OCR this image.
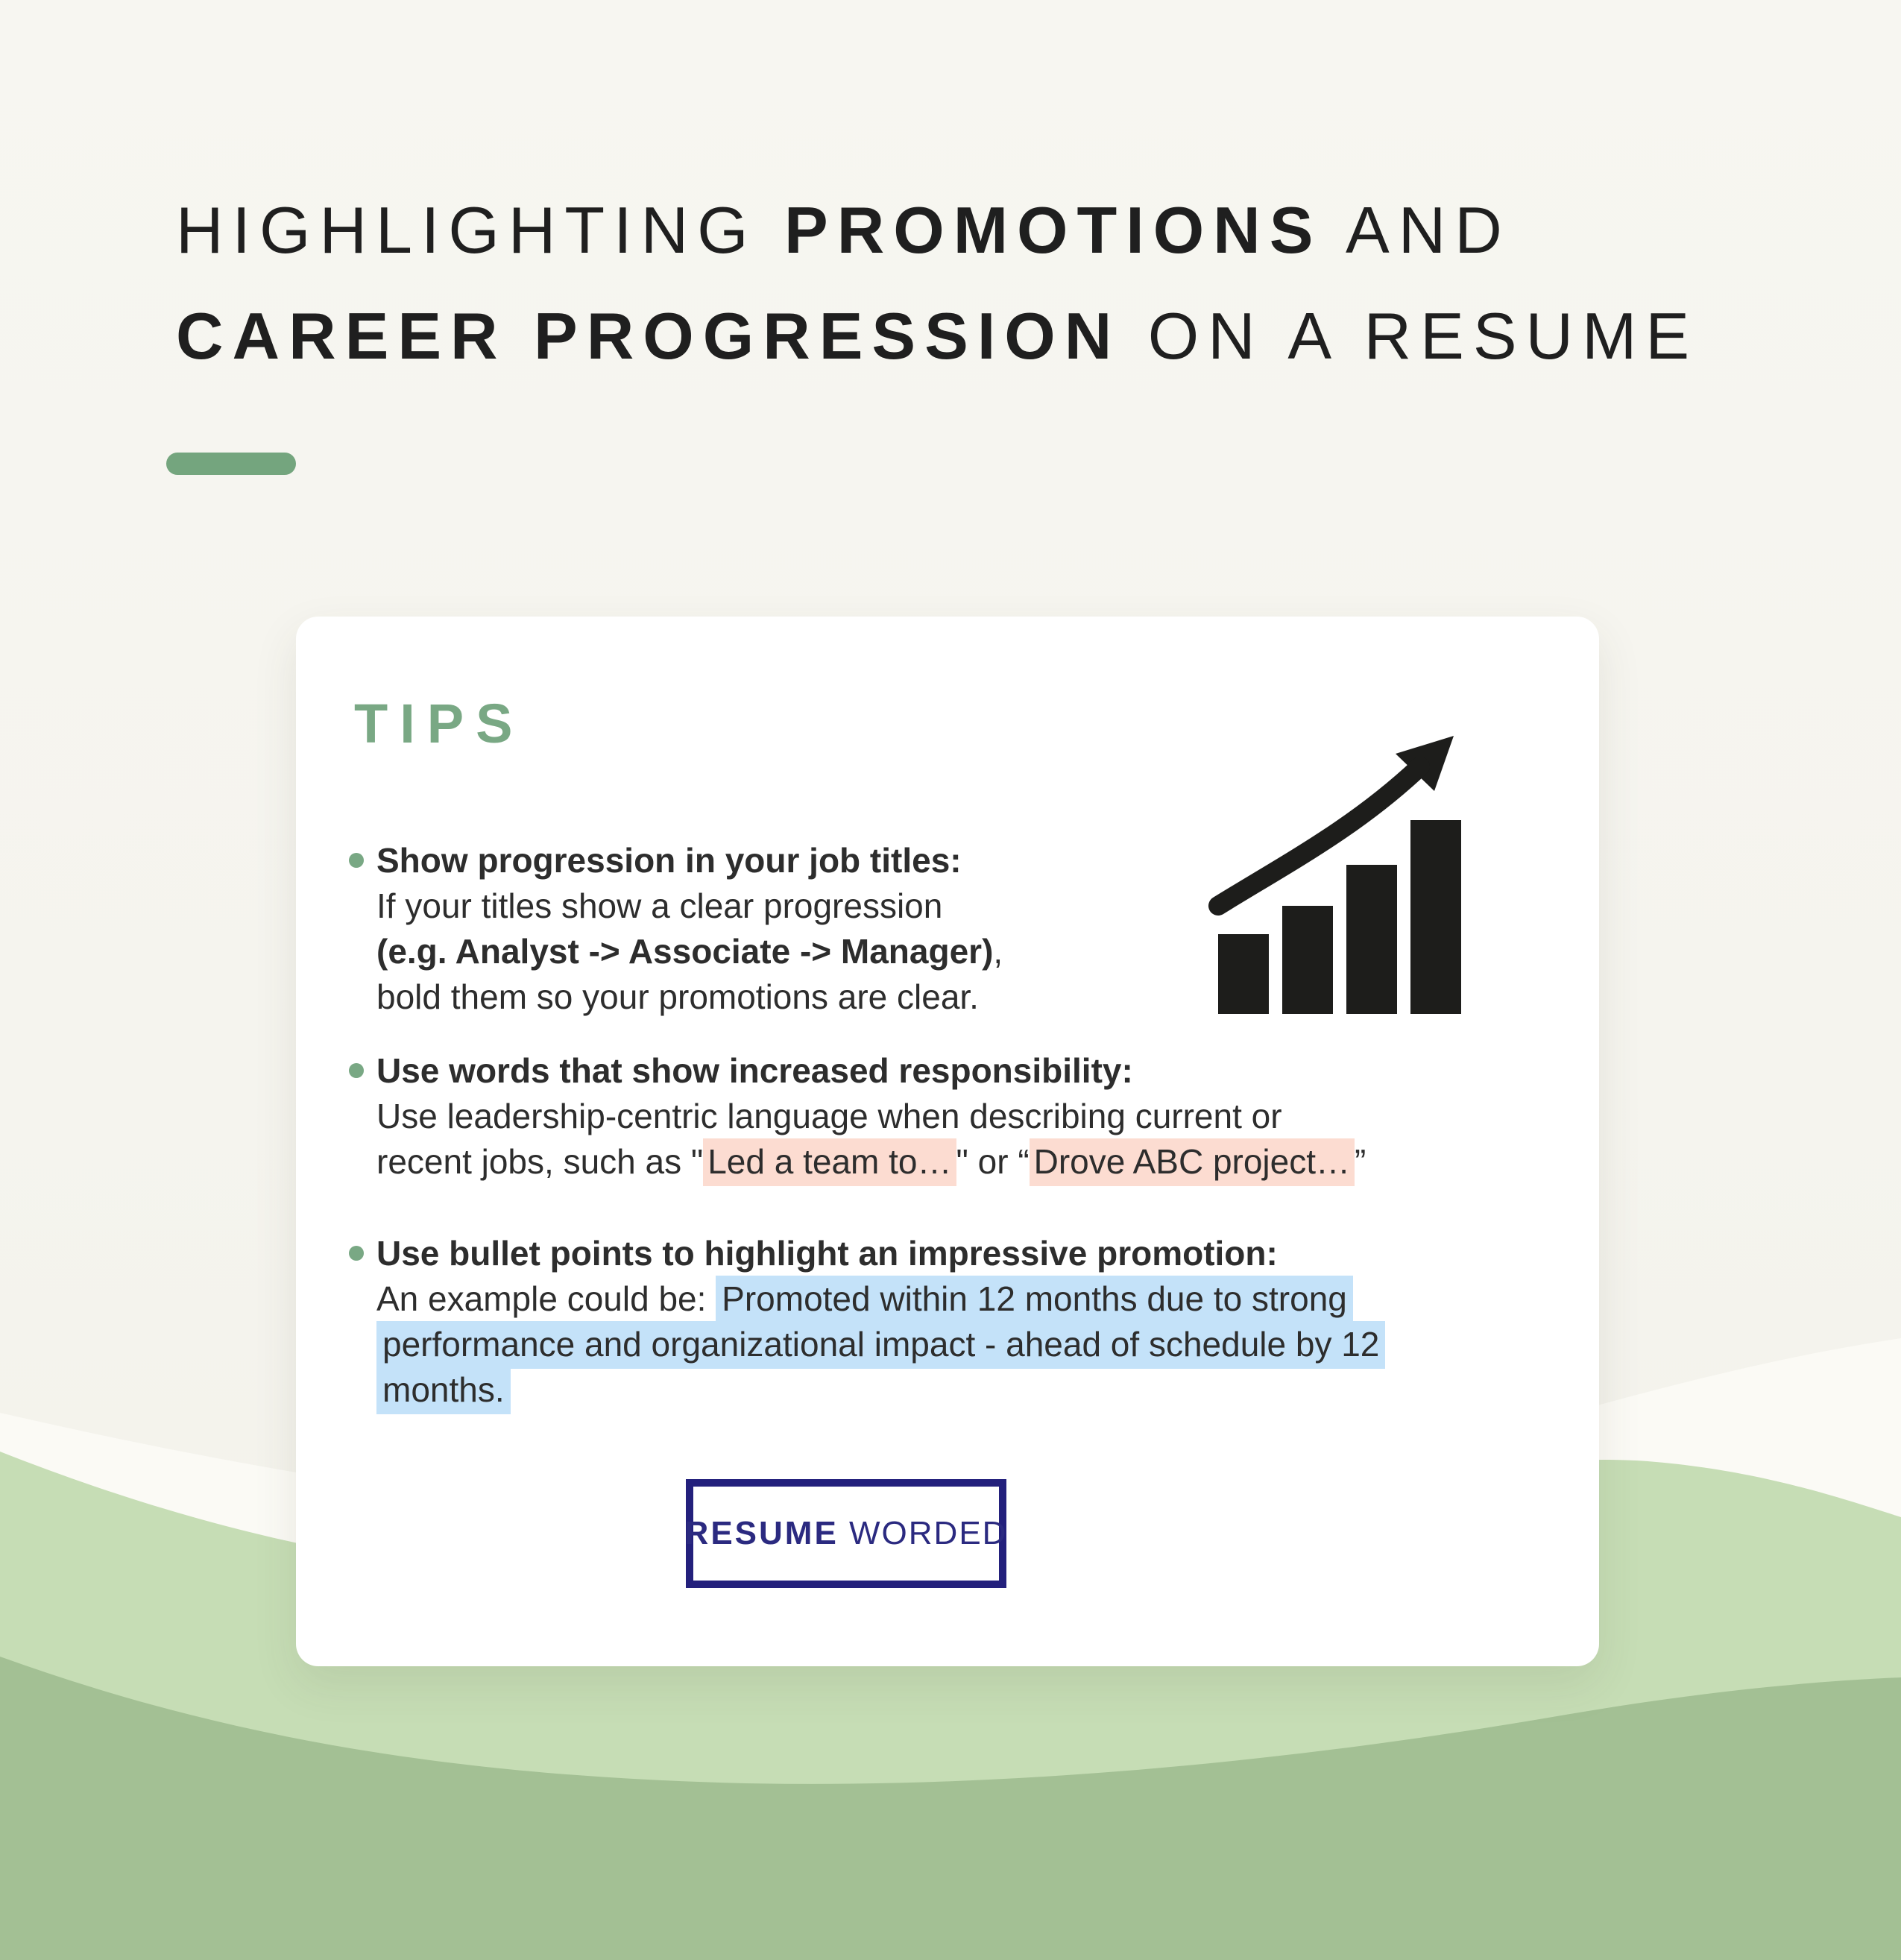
HIGHLIGHTING PROMOTIONS AND
CAREER PROGRESSION ON A RESUME
TIPS
Show progression in your job titles:
If your titles show a clear progression
(e.g. Analyst -> Associate -> Manager),
bold them so your promotions are clear.
Use words that show increased responsibility:
Use leadership-centric language when describing current or
recent jobs, such as " Led a team to… " or “ Drove ABC project… ”
Use bullet points to highlight an impressive promotion:
An example could be: Promoted within 12 months due to strong
performance and organizational impact - ahead of schedule by 12
months.
RESUME WORDED
